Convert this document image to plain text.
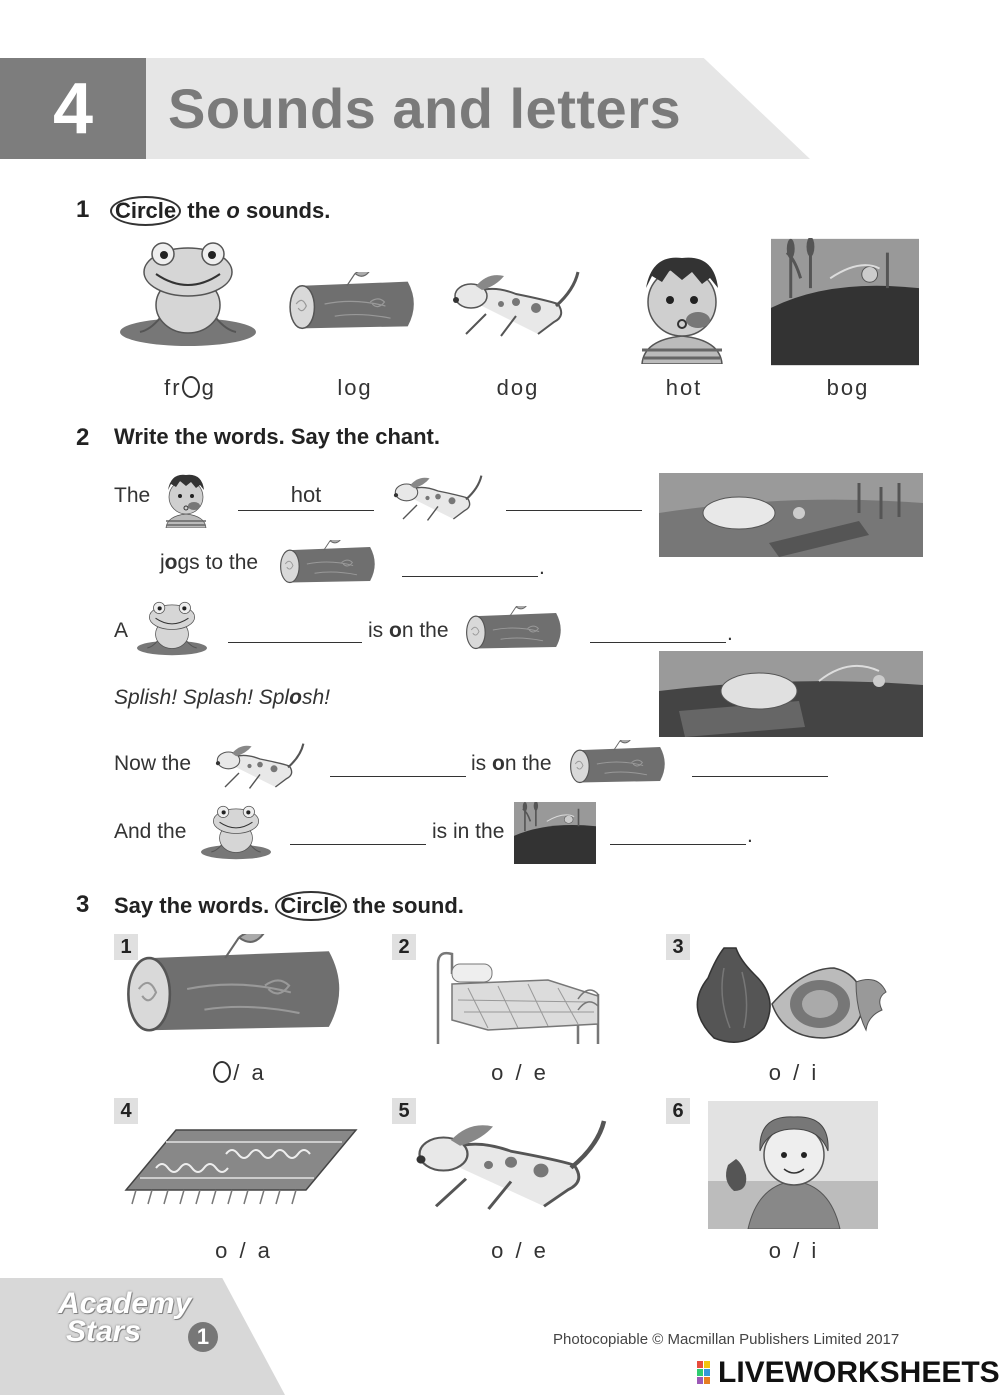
4	Sounds and letters
1 Circle the o sounds.
fr g	log	dog	hot	bog
2 Write the words. Say the chant.
The	hot
jogs to the	.
A	is on the	.
Splish! Splash! Splosh!
Now the	is on the
And the	is in the	.
3 Say the words. Circle the sound.
1
/ a
2
o / e
3
o / i
4
o / a
5
o / e
6
o / i
Academy
Stars	1	Photocopiable © Macmillan Publishers Limited 2017
LIVEWORKSHEETS
